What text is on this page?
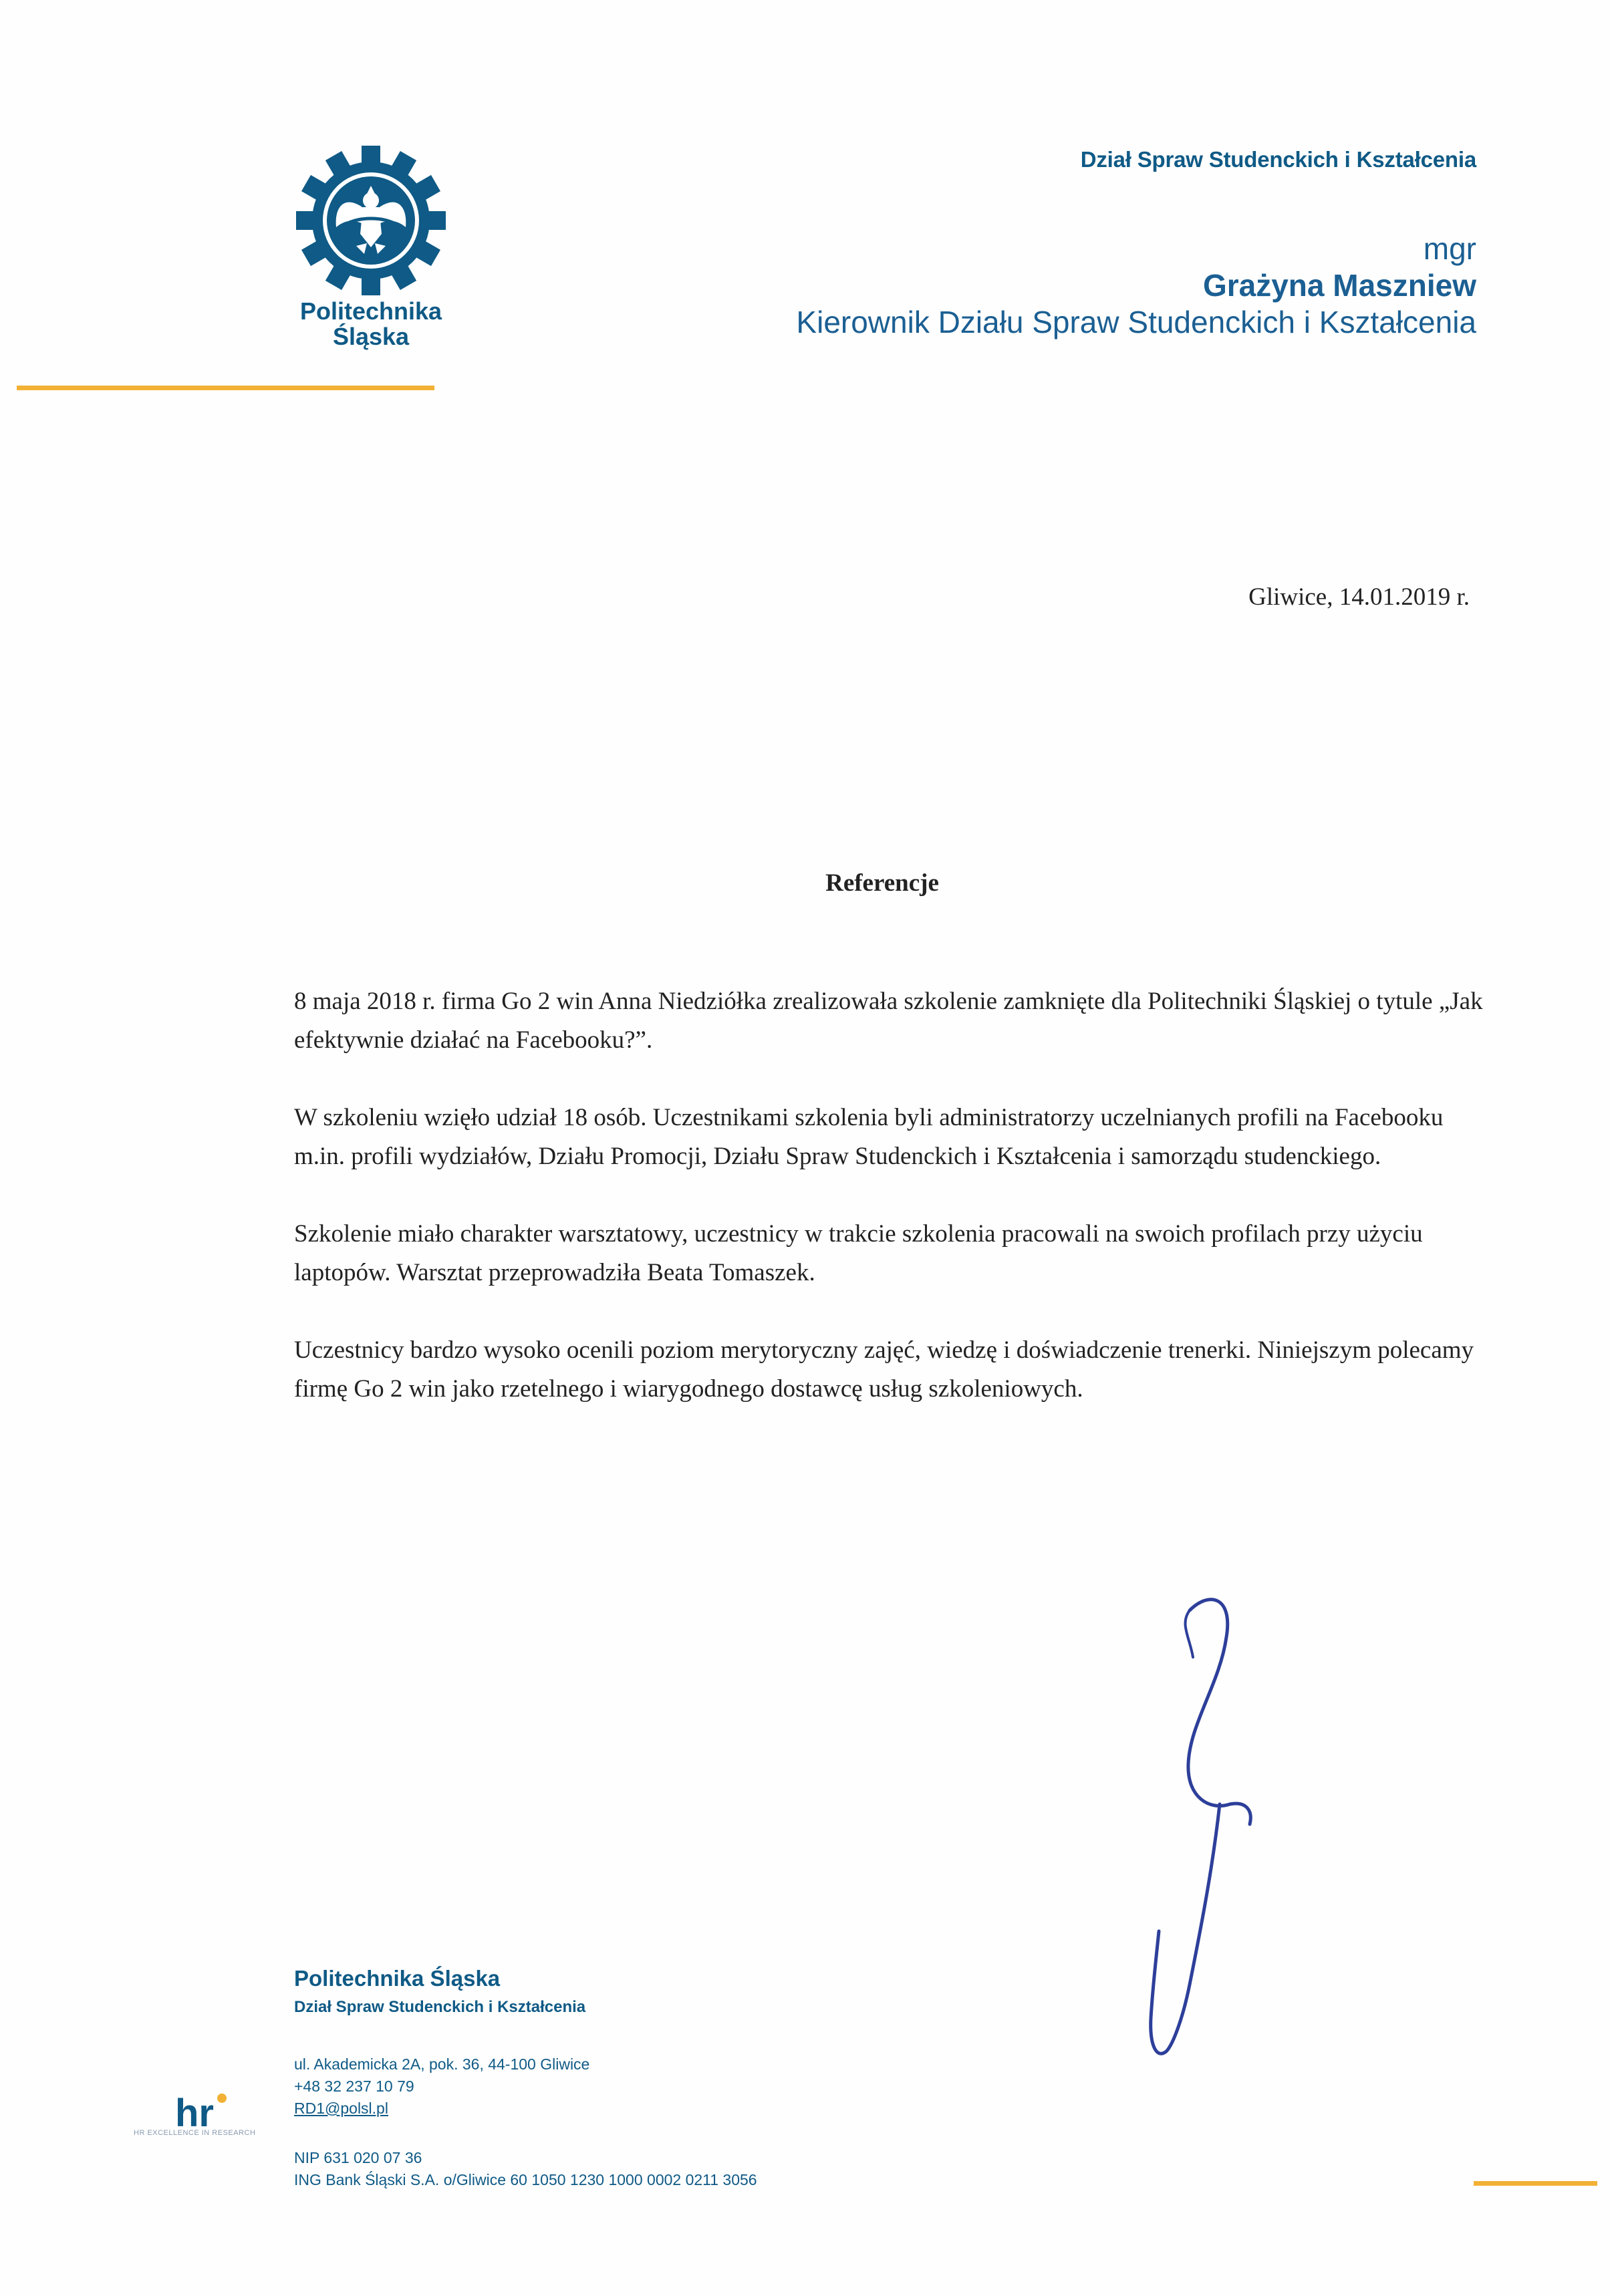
Politechnika
Śląska
Dział Spraw Studenckich i Kształcenia
mgr
Grażyna Maszniew
Kierownik Działu Spraw Studenckich i Kształcenia
Gliwice, 14.01.2019 r.
Referencje

8 maja 2018 r. firma Go 2 win Anna Niedziółka zrealizowała szkolenie zamknięte dla Politechniki Śląskiej o tytule „Jak efektywnie działać na Facebooku?”.

W szkoleniu wzięło udział 18 osób. Uczestnikami szkolenia byli administratorzy uczelnianych profili na Facebooku m.in. profili wydziałów, Działu Promocji, Działu Spraw Studenckich i Kształcenia i samorządu studenckiego.

Szkolenie miało charakter warsztatowy, uczestnicy w trakcie szkolenia pracowali na swoich profilach przy użyciu laptopów. Warsztat przeprowadziła Beata Tomaszek.

Uczestnicy bardzo wysoko ocenili poziom merytoryczny zajęć, wiedzę i doświadczenie trenerki. Niniejszym polecamy firmę Go 2 win jako rzetelnego i wiarygodnego dostawcę usług szkoleniowych.

Politechnika Śląska
Dział Spraw Studenckich i Kształcenia
ul. Akademicka 2A, pok. 36, 44-100 Gliwice
+48 32 237 10 79
RD1@polsl.pl
NIP 631 020 07 36
ING Bank Śląski S.A. o/Gliwice 60 1050 1230 1000 0002 0211 3056
hr
HR EXCELLENCE IN RESEARCH
